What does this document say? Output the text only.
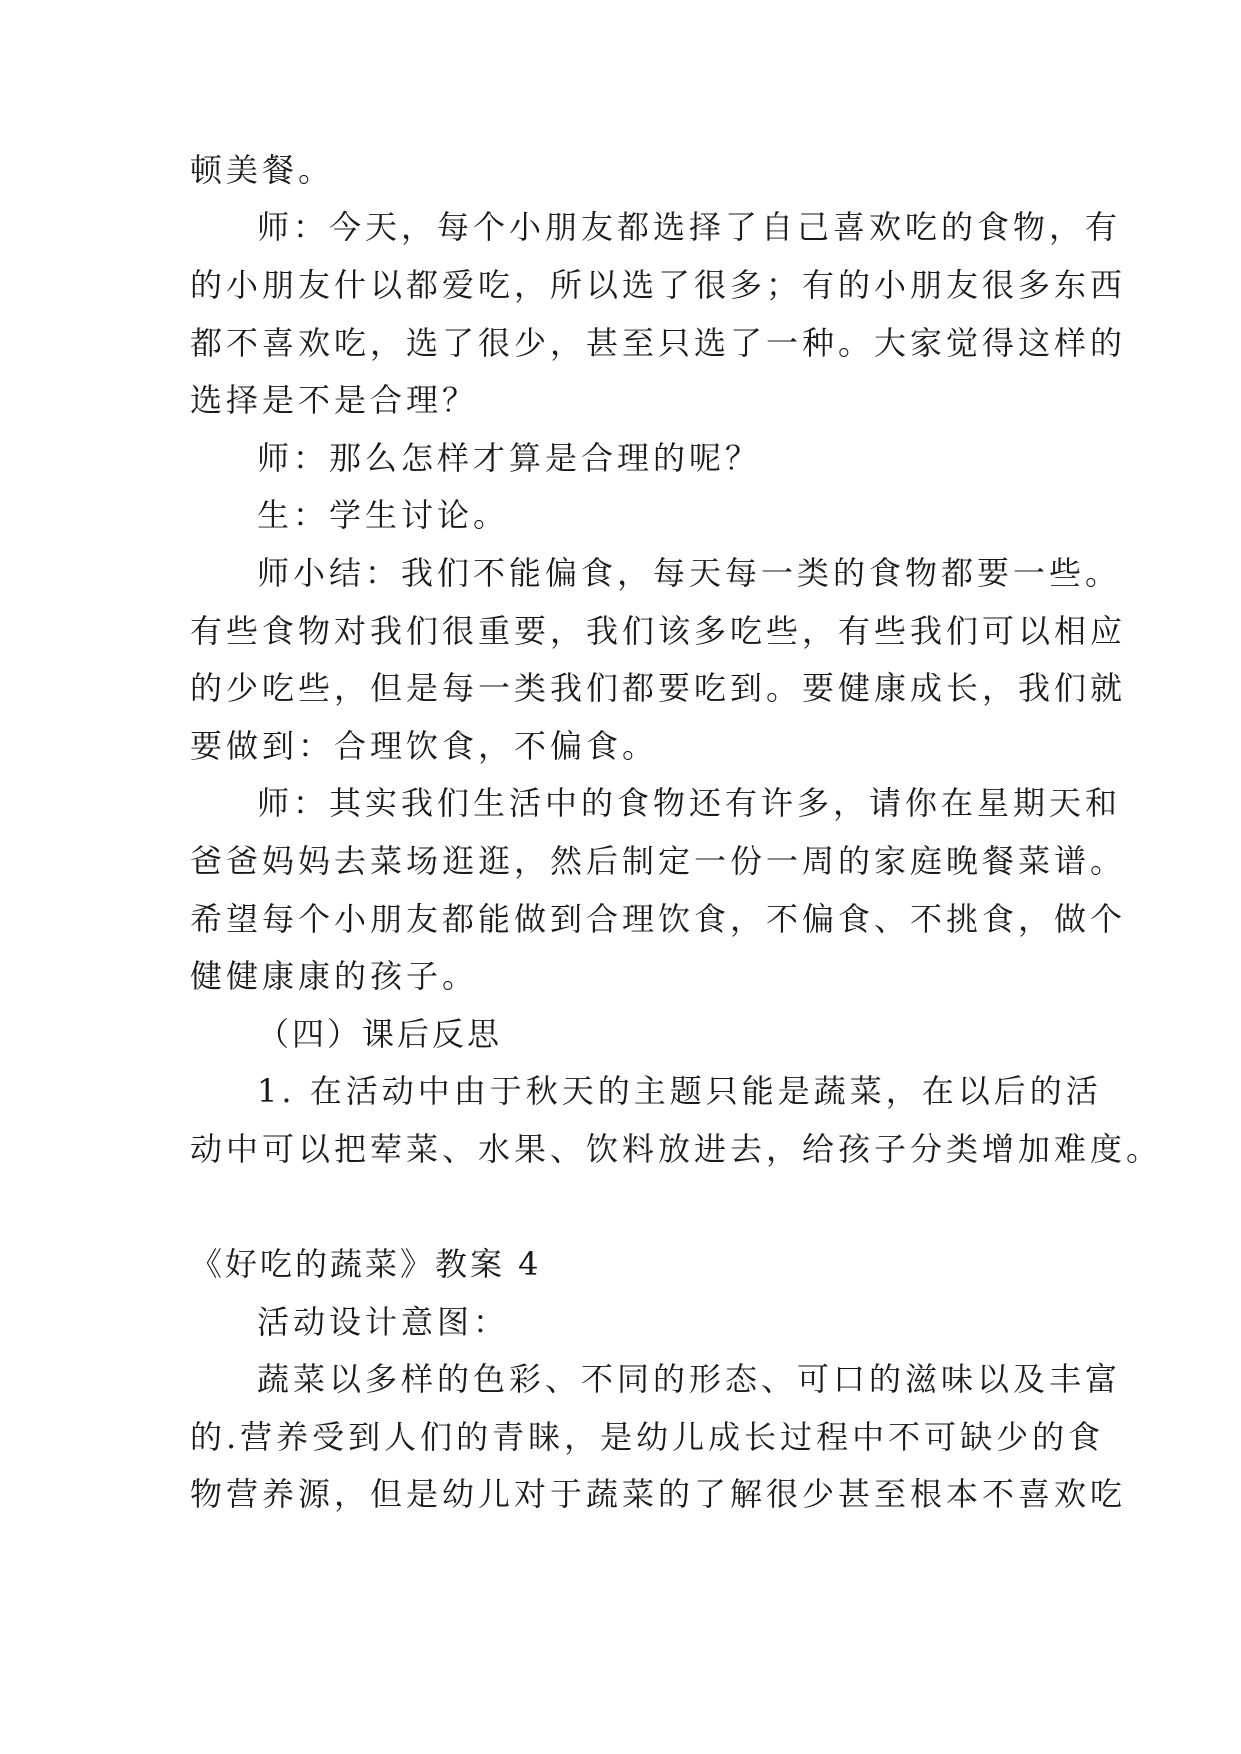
顿美餐。
师：今天，每个小朋友都选择了自己喜欢吃的食物，有
的小朋友什以都爱吃，所以选了很多；有的小朋友很多东西
都不喜欢吃，选了很少，甚至只选了一种。大家觉得这样的
选择是不是合理？
师：那么怎样才算是合理的呢？
生：学生讨论。
师小结：我们不能偏食，每天每一类的食物都要一些。
有些食物对我们很重要，我们该多吃些，有些我们可以相应
的少吃些，但是每一类我们都要吃到。要健康成长，我们就
要做到：合理饮食，不偏食。
师：其实我们生活中的食物还有许多，请你在星期天和
爸爸妈妈去菜场逛逛，然后制定一份一周的家庭晚餐菜谱。
希望每个小朋友都能做到合理饮食，不偏食、不挑食，做个
健健康康的孩子。
（四）课后反思
1. 在活动中由于秋天的主题只能是蔬菜，在以后的活
动中可以把荤菜、水果、饮料放进去，给孩子分类增加难度。
《好吃的蔬菜》教案 4
活动设计意图：
蔬菜以多样的色彩、不同的形态、可口的滋味以及丰富
的.营养受到人们的青睐，是幼儿成长过程中不可缺少的食
物营养源，但是幼儿对于蔬菜的了解很少甚至根本不喜欢吃
